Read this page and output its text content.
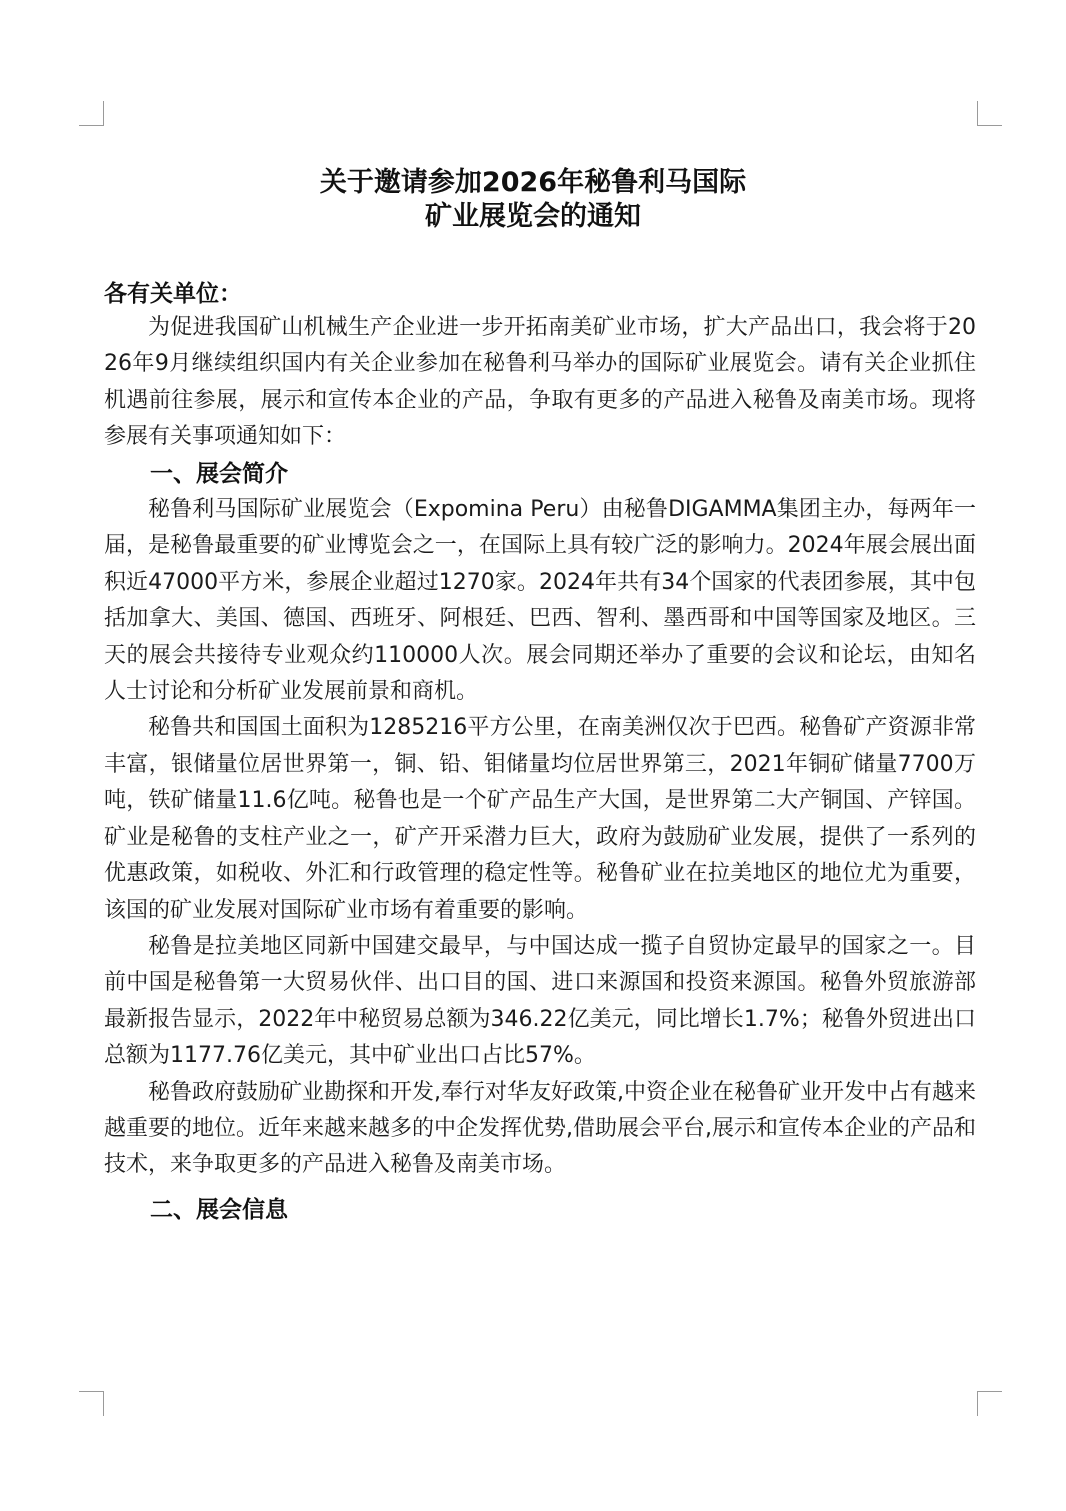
关于邀请参加2026年秘鲁利马国际
矿业展览会的通知

各有关单位：

为促进我国矿山机械生产企业进一步开拓南美矿业市场，扩大产品出口，我会将于2026年9月继续组织国内有关企业参加在秘鲁利马举办的国际矿业展览会。请有关企业抓住机遇前往参展，展示和宣传本企业的产品，争取有更多的产品进入秘鲁及南美市场。现将参展有关事项通知如下：

一、展会简介

秘鲁利马国际矿业展览会（Expomina Peru）由秘鲁DIGAMMA集团主办，每两年一届，是秘鲁最重要的矿业博览会之一，在国际上具有较广泛的影响力。2024年展会展出面积近47000平方米，参展企业超过1270家。2024年共有34个国家的代表团参展，其中包括加拿大、美国、德国、西班牙、阿根廷、巴西、智利、墨西哥和中国等国家及地区。三天的展会共接待专业观众约110000人次。展会同期还举办了重要的会议和论坛，由知名人士讨论和分析矿业发展前景和商机。

秘鲁共和国国土面积为1285216平方公里，在南美洲仅次于巴西。秘鲁矿产资源非常丰富，银储量位居世界第一，铜、铅、钼储量均位居世界第三，2021年铜矿储量7700万吨，铁矿储量11.6亿吨。秘鲁也是一个矿产品生产大国，是世界第二大产铜国、产锌国。矿业是秘鲁的支柱产业之一，矿产开采潜力巨大，政府为鼓励矿业发展，提供了一系列的优惠政策，如税收、外汇和行政管理的稳定性等。秘鲁矿业在拉美地区的地位尤为重要，该国的矿业发展对国际矿业市场有着重要的影响。

秘鲁是拉美地区同新中国建交最早，与中国达成一揽子自贸协定最早的国家之一。目前中国是秘鲁第一大贸易伙伴、出口目的国、进口来源国和投资来源国。秘鲁外贸旅游部最新报告显示，2022年中秘贸易总额为346.22亿美元，同比增长1.7%；秘鲁外贸进出口总额为1177.76亿美元，其中矿业出口占比57%。

秘鲁政府鼓励矿业勘探和开发,奉行对华友好政策,中资企业在秘鲁矿业开发中占有越来越重要的地位。近年来越来越多的中企发挥优势,借助展会平台,展示和宣传本企业的产品和技术，来争取更多的产品进入秘鲁及南美市场。

二、展会信息
